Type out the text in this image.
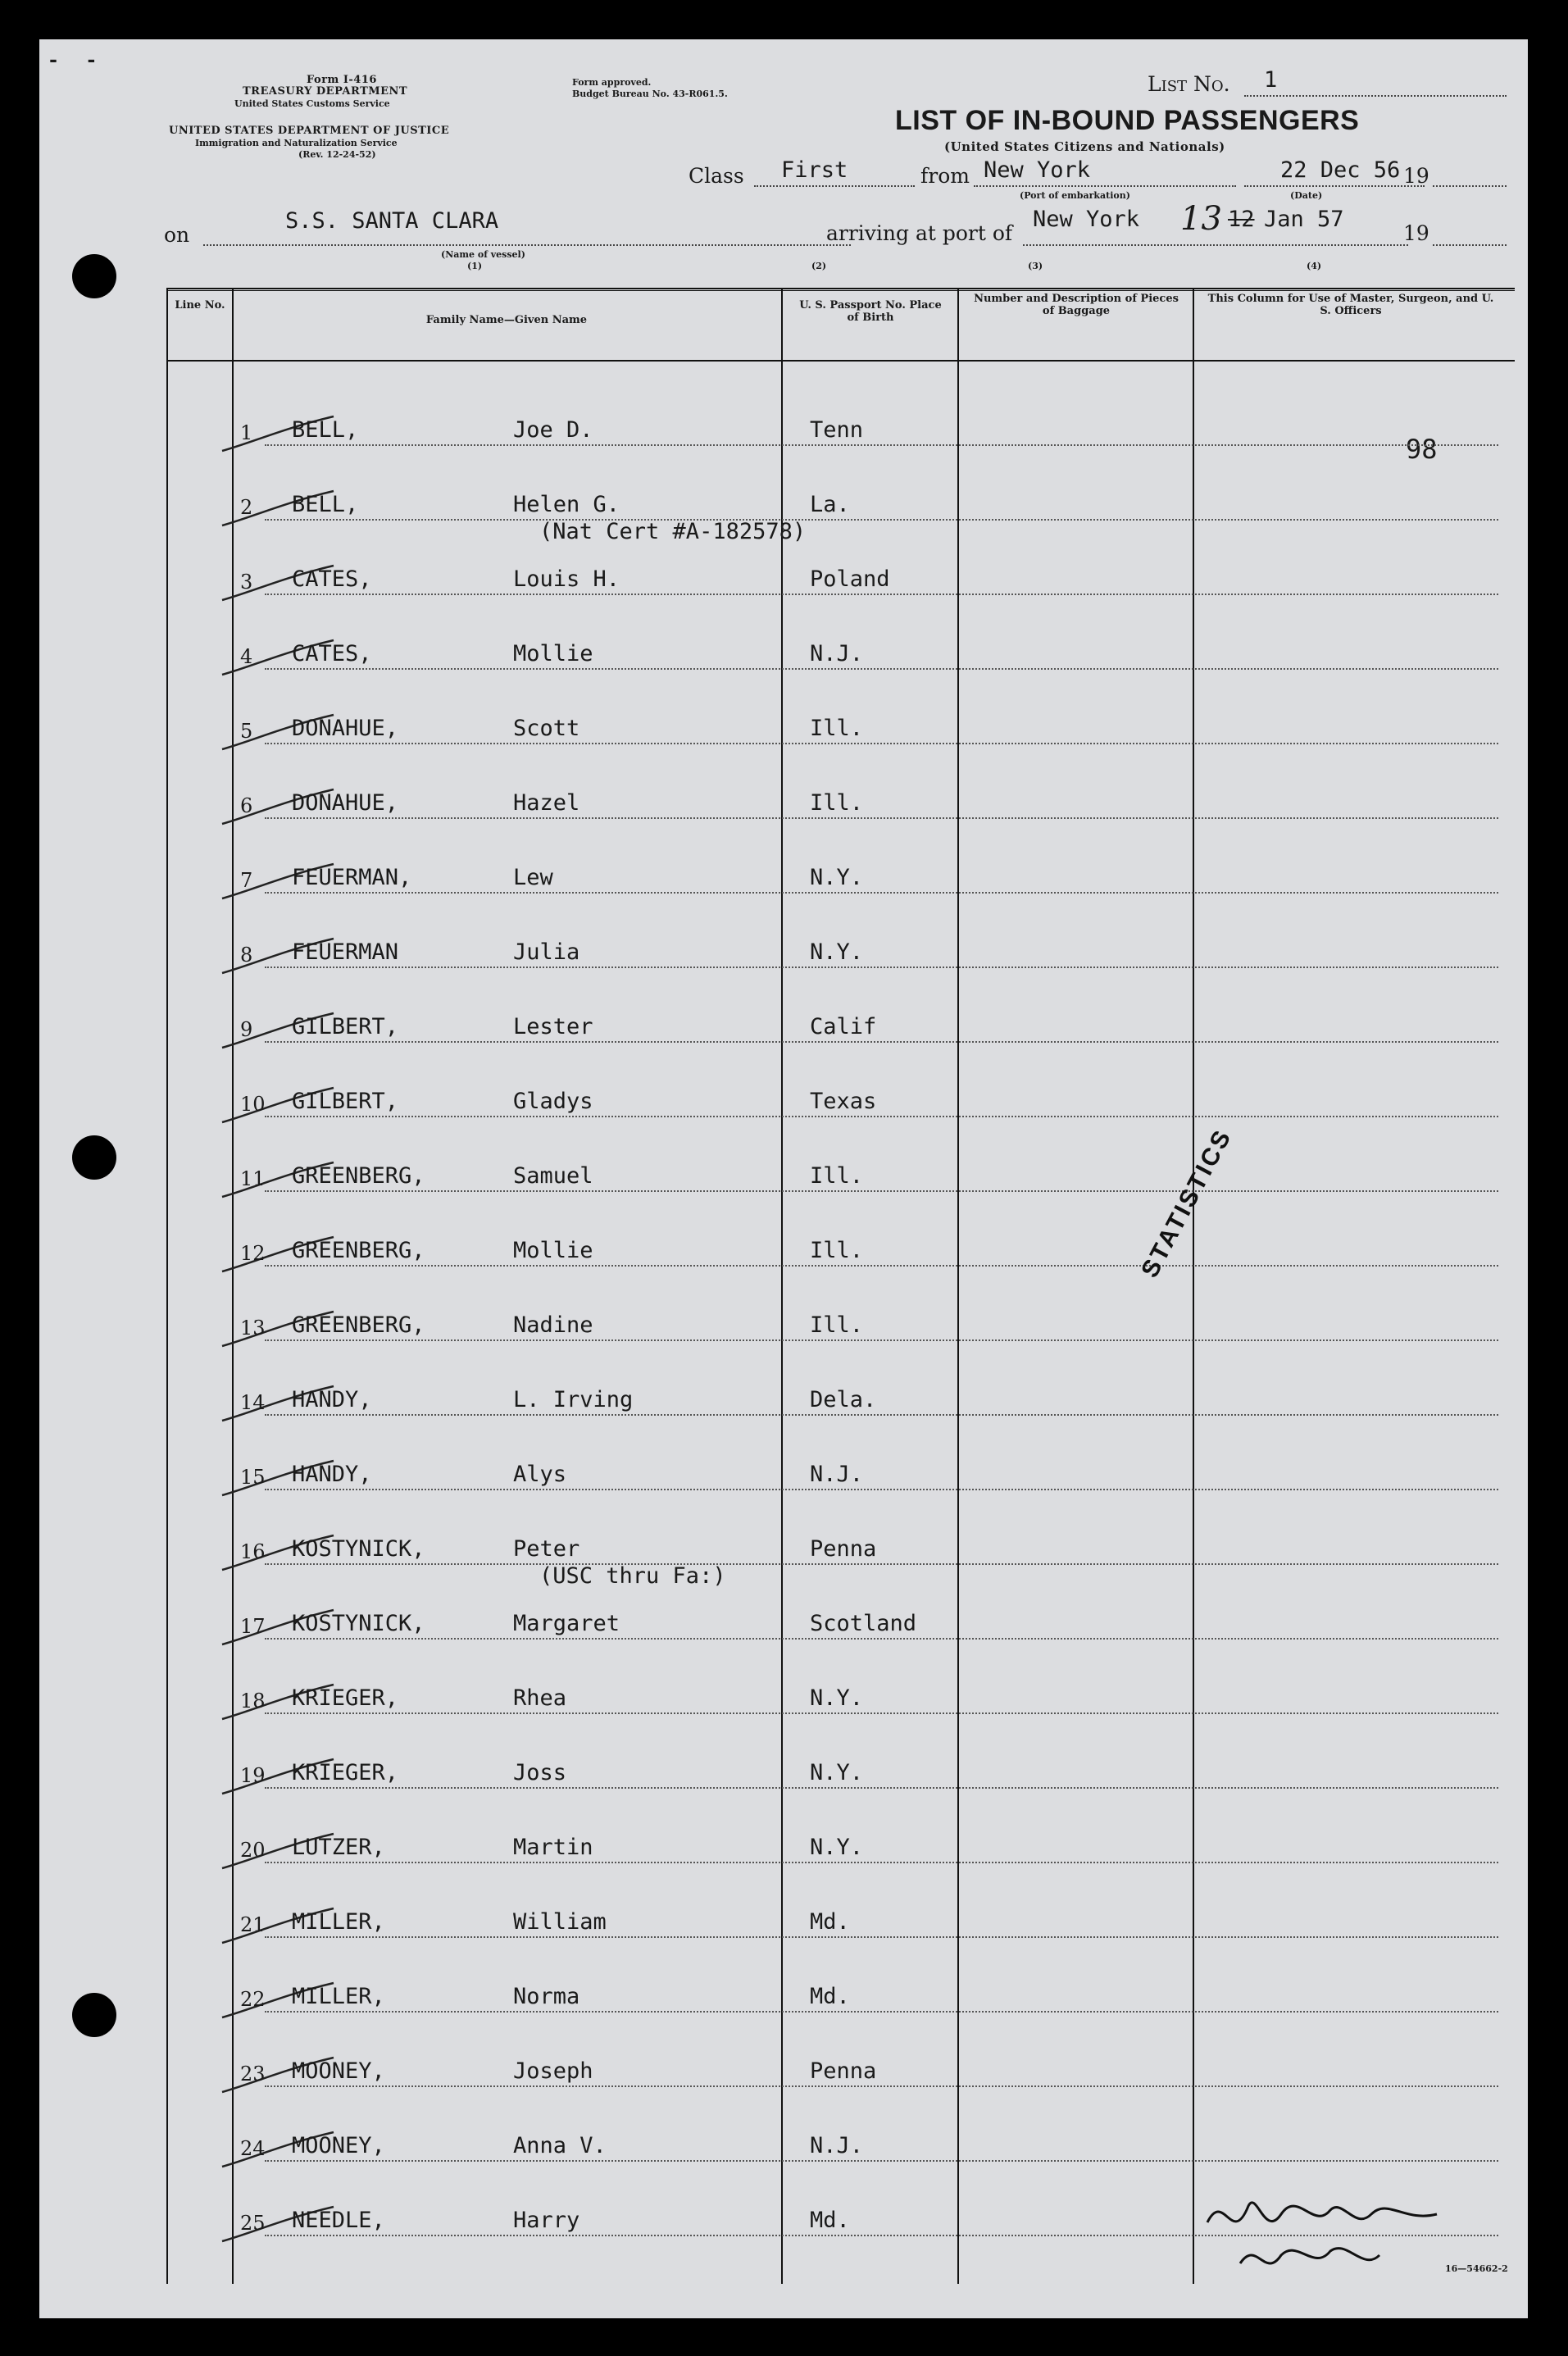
- -
Form I-416
TREASURY DEPARTMENT
United States Customs Service
UNITED STATES DEPARTMENT OF JUSTICE
Immigration and Naturalization Service
(Rev. 12-24-52)
Form approved.
Budget Bureau No. 43-R061.5.	List No. 1
LIST OF IN-BOUND PASSENGERS
(United States Citizens and Nationals)
Class First	from New York	22 Dec 56 19
(Port of embarkation)	(Date)
on
S.S. SANTA CLARA	arriving at port of
New York 13 12 Jan 57
19
(Name of vessel)
(1)	(2)	(3)	(4)
Line No.
Family Name—Given Name
U. S. Passport No. Place of Birth
Number and Description of Pieces of Baggage
This Column for Use of Master, Surgeon, and U. S. Officers
98
1	BELL,	Joe D.	Tenn
2	BELL,	Helen G.	La.
3	CATES,	Louis H.	Poland
(Nat Cert #A-182578)
4	CATES,	Mollie	N.J.
5	DONAHUE,	Scott	Ill.
6	DONAHUE,	Hazel	Ill.
7	FEUERMAN,	Lew	N.Y.
8	FEUERMAN	Julia	N.Y.
9	GILBERT,	Lester	Calif
10	GILBERT,	Gladys	Texas
11	GREENBERG,	Samuel	Ill.
12	GREENBERG,	Mollie	Ill.
13	GREENBERG,	Nadine	Ill.
14	HANDY,	L. Irving	Dela.
15	HANDY,	Alys	N.J.
16	KOSTYNICK,	Peter	Penna
17	KOSTYNICK,	Margaret	Scotland
(USC thru Fa:)
18	KRIEGER,	Rhea	N.Y.
19	KRIEGER,	Joss	N.Y.
20	LUTZER,	Martin	N.Y.
21	MILLER,	William	Md.
22	MILLER,	Norma	Md.
23	MOONEY,	Joseph	Penna
24	MOONEY,	Anna V.	N.J.
25	NEEDLE,	Harry	Md.
STATISTICS
16—54662-2
